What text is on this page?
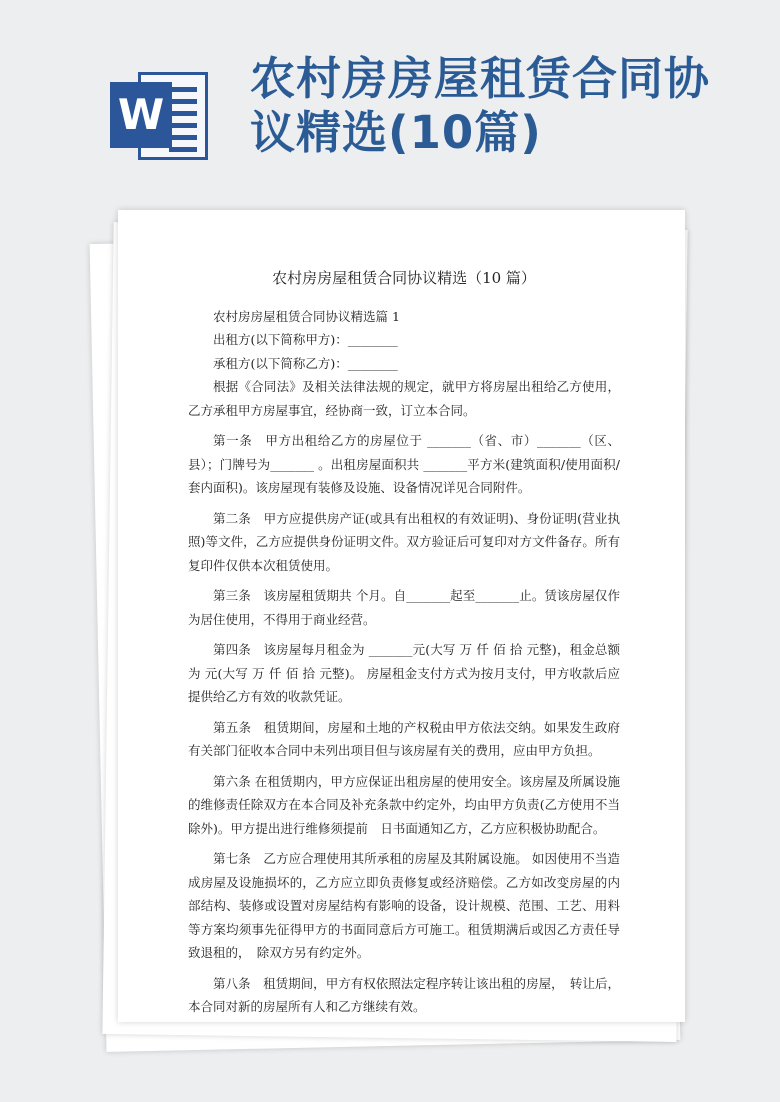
W
农村房房屋租赁合同协议精选(10篇)
农村房房屋租赁合同协议精选（10 篇）
农村房房屋租赁合同协议精选篇 1
出租方(以下简称甲方)：________
承租方(以下简称乙方)：________
根据《合同法》及相关法律法规的规定，就甲方将房屋出租给乙方使用，乙方承租甲方房屋事宜，经协商一致，订立本合同。
第一条　甲方出租给乙方的房屋位于 _______（省、市）_______（区、县）；门牌号为_______ 。出租房屋面积共 _______平方米(建筑面积/使用面积/套内面积)。该房屋现有装修及设施、设备情况详见合同附件。
第二条　甲方应提供房产证(或具有出租权的有效证明)、身份证明(营业执照)等文件，乙方应提供身份证明文件。双方验证后可复印对方文件备存。所有复印件仅供本次租赁使用。
第三条　该房屋租赁期共 个月。自_______起至_______止。赁该房屋仅作为居住使用，不得用于商业经营。
第四条　该房屋每月租金为 _______元(大写 万 仟 佰 拾 元整)，租金总额为 元(大写 万 仟 佰 拾 元整)。 房屋租金支付方式为按月支付，甲方收款后应提供给乙方有效的收款凭证。
第五条　租赁期间，房屋和土地的产权税由甲方依法交纳。如果发生政府有关部门征收本合同中未列出项目但与该房屋有关的费用，应由甲方负担。
第六条 在租赁期内，甲方应保证出租房屋的使用安全。该房屋及所属设施的维修责任除双方在本合同及补充条款中约定外，均由甲方负责(乙方使用不当除外)。甲方提出进行维修须提前　日书面通知乙方，乙方应积极协助配合。
第七条　乙方应合理使用其所承租的房屋及其附属设施。 如因使用不当造成房屋及设施损坏的，乙方应立即负责修复或经济赔偿。乙方如改变房屋的内部结构、装修或设置对房屋结构有影响的设备，设计规模、范围、工艺、用料等方案均须事先征得甲方的书面同意后方可施工。租赁期满后或因乙方责任导致退租的，　除双方另有约定外。
第八条　租赁期间，甲方有权依照法定程序转让该出租的房屋，　转让后，本合同对新的房屋所有人和乙方继续有效。
